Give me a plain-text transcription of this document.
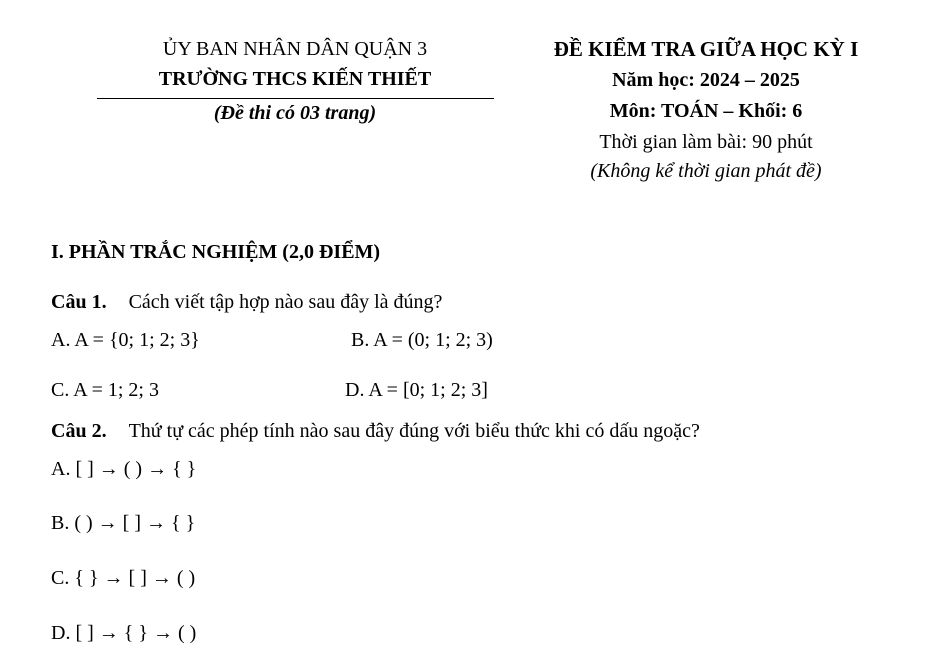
ỦY BAN NHÂN DÂN QUẬN 3
TRƯỜNG THCS KIẾN THIẾT
(Đề thi có 03 trang)
ĐỀ KIỂM TRA GIỮA HỌC KỲ I
Năm học: 2024 – 2025
Môn: TOÁN – Khối: 6
Thời gian làm bài: 90 phút
(Không kể thời gian phát đề)
I. PHẦN TRẮC NGHIỆM (2,0 ĐIỂM)
Câu 1. Cách viết tập hợp nào sau đây là đúng?
A. A = {0; 1; 2; 3}	B. A = (0; 1; 2; 3)
C. A = 1; 2; 3	D. A = [0; 1; 2; 3]
Câu 2. Thứ tự các phép tính nào sau đây đúng với biểu thức khi có dấu ngoặc?
A. [ ] → ( ) → { }
B. ( ) → [ ] → { }
C. { } → [ ] → ( )
D. [ ] → { } → ( )
